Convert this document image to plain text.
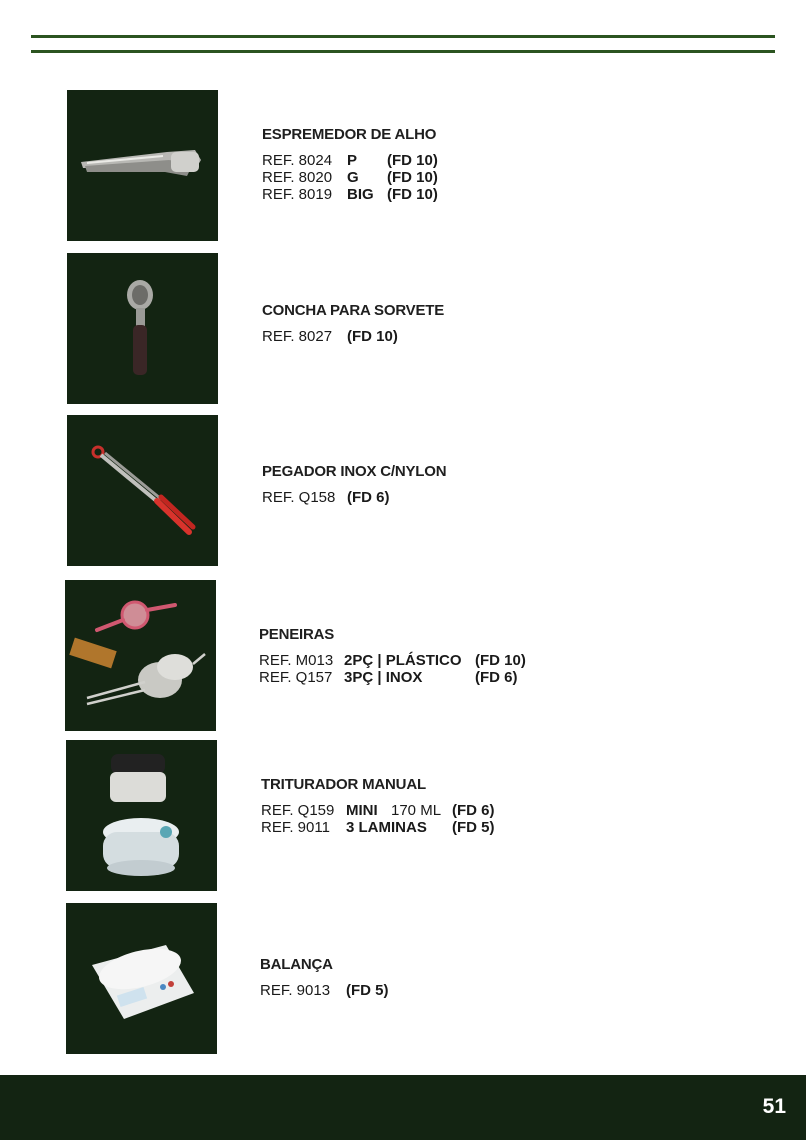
ESPREMEDOR DE ALHO
REF. 8024 P (FD 10)
REF. 8020 G (FD 10)
REF. 8019 BIG (FD 10)
CONCHA PARA SORVETE
REF. 8027 (FD 10)
PEGADOR INOX C/NYLON
REF. Q158 (FD 6)
PENEIRAS
REF. M013 2PÇ | PLÁSTICO (FD 10)
REF. Q157 3PÇ | INOX	(FD 6)
TRITURADOR MANUAL
REF. Q159 MINI 170 ML (FD 6)
REF. 9011 3 LAMINAS (FD 5)
BALANÇA
REF. 9013 (FD 5)
51
